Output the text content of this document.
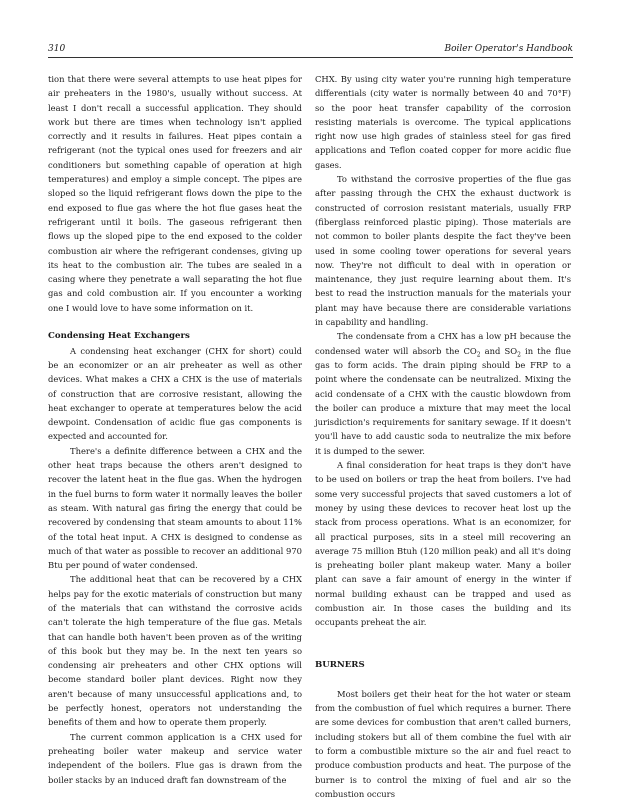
310	Boiler Operator's Handbook

tion that there were several attempts to use heat pipes for air preheaters in the 1980's, usually without success. At least I don't recall a successful application. They should work but there are times when technology isn't applied correctly and it results in failures. Heat pipes contain a refrigerant (not the typical ones used for freezers and air conditioners but something capable of operation at high temperatures) and employ a simple concept. The pipes are sloped so the liquid refrigerant flows down the pipe to the end exposed to flue gas where the hot flue gases heat the refrigerant until it boils. The gaseous refrigerant then flows up the sloped pipe to the end exposed to the colder combustion air where the refrigerant condenses, giving up its heat to the combustion air. The tubes are sealed in a casing where they penetrate a wall separating the hot flue gas and cold combustion air. If you encounter a working one I would love to have some information on it.

Condensing Heat Exchangers

A condensing heat exchanger (CHX for short) could be an economizer or an air preheater as well as other devices. What makes a CHX a CHX is the use of materials of construction that are corrosive resistant, allowing the heat exchanger to operate at temperatures below the acid dewpoint. Condensation of acidic flue gas components is expected and accounted for.

There's a definite difference between a CHX and the other heat traps because the others aren't designed to recover the latent heat in the flue gas. When the hydrogen in the fuel burns to form water it normally leaves the boiler as steam. With natural gas firing the energy that could be recovered by condensing that steam amounts to about 11% of the total heat input. A CHX is designed to condense as much of that water as possible to recover an additional 970 Btu per pound of water condensed.

The additional heat that can be recovered by a CHX helps pay for the exotic materials of construction but many of the materials that can withstand the corrosive acids can't tolerate the high temperature of the flue gas. Metals that can handle both haven't been proven as of the writing of this book but they may be. In the next ten years so condensing air preheaters and other CHX options will become standard boiler plant devices. Right now they aren't because of many unsuccessful applications and, to be perfectly honest, operators not understanding the benefits of them and how to operate them properly.

The current common application is a CHX used for preheating boiler water makeup and service water independent of the boilers. Flue gas is drawn from the boiler stacks by an induced draft fan downstream of the

CHX. By using city water you're running high temperature differentials (city water is normally between 40 and 70°F) so the poor heat transfer capability of the corrosion resisting materials is overcome. The typical applications right now use high grades of stainless steel for gas fired applications and Teflon coated copper for more acidic flue gases.

To withstand the corrosive properties of the flue gas after passing through the CHX the exhaust ductwork is constructed of corrosion resistant materials, usually FRP (fiberglass reinforced plastic piping). Those materials are not common to boiler plants despite the fact they've been used in some cooling tower operations for several years now. They're not difficult to deal with in operation or maintenance, they just require learning about them. It's best to read the instruction manuals for the materials your plant may have because there are considerable variations in capability and handling.

The condensate from a CHX has a low pH because the condensed water will absorb the $CO_2$ and $SO_2$ in the flue gas to form acids. The drain piping should be FRP to a point where the condensate can be neutralized. Mixing the acid condensate of a CHX with the caustic blowdown from the boiler can produce a mixture that may meet the local jurisdiction's requirements for sanitary sewage. If it doesn't you'll have to add caustic soda to neutralize the mix before it is dumped to the sewer.

A final consideration for heat traps is they don't have to be used on boilers or trap the heat from boilers. I've had some very successful projects that saved customers a lot of money by using these devices to recover heat lost up the stack from process operations. What is an economizer, for all practical purposes, sits in a steel mill recovering an average 75 million Btuh (120 million peak) and all it's doing is preheating boiler plant makeup water. Many a boiler plant can save a fair amount of energy in the winter if normal building exhaust can be trapped and used as combustion air. In those cases the building and its occupants preheat the air.

BURNERS

Most boilers get their heat for the hot water or steam from the combustion of fuel which requires a burner. There are some devices for combustion that aren't called burners, including stokers but all of them combine the fuel with air to form a combustible mixture so the air and fuel react to produce combustion products and heat. The purpose of the burner is to control the mixing of fuel and air so the combustion occurs
